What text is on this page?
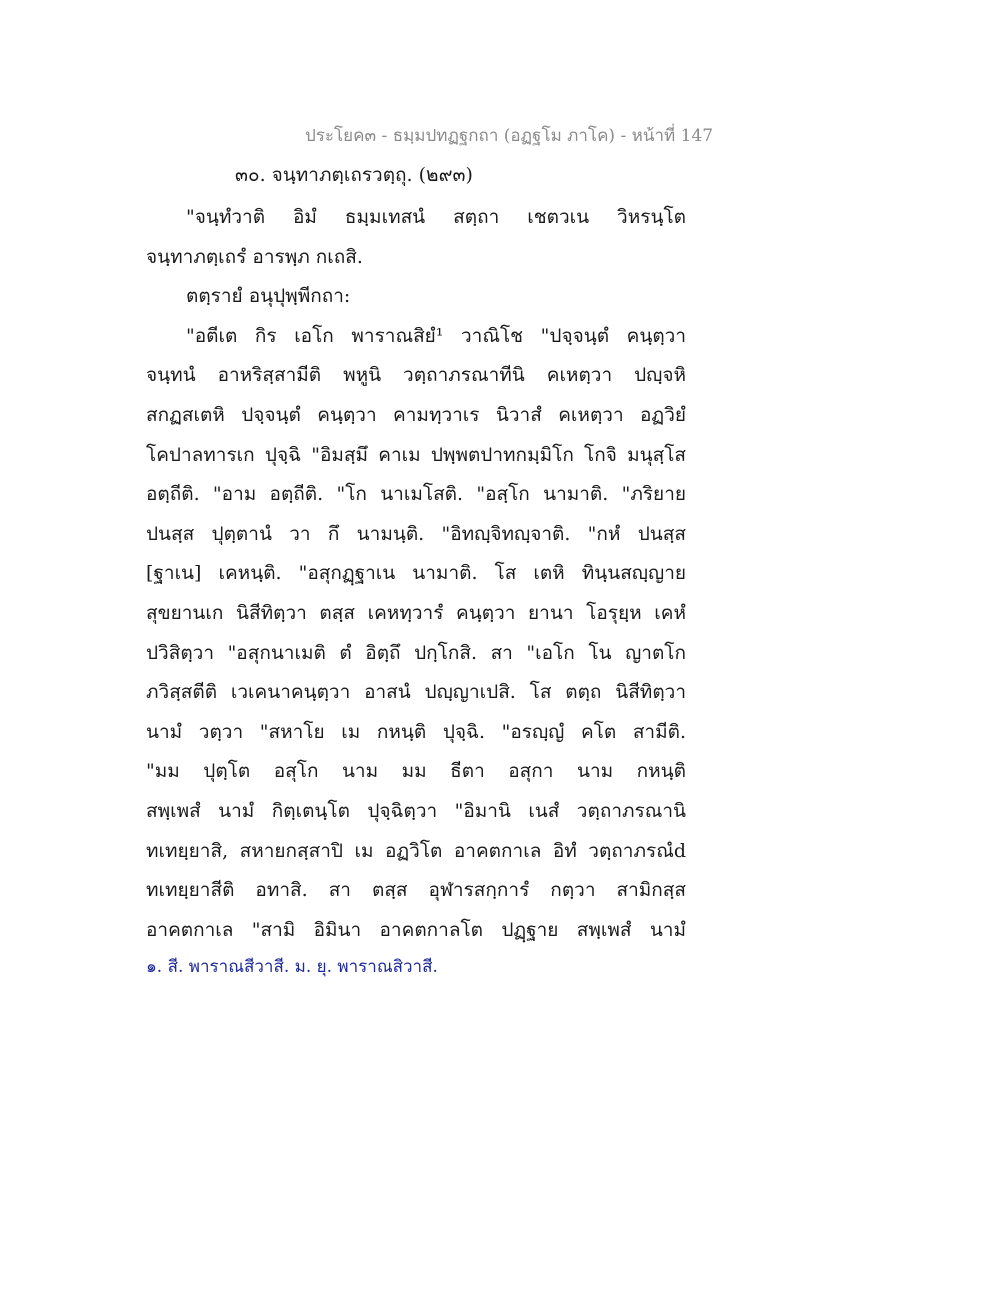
ประโยค๓ - ธมฺมปทฏฐกถา (อฏฐโม ภาโค) - หน้าที่ 147
๓๐. จนฺทาภตฺเถรวตฺถุ. (๒๙๓)
"จนฺทํวาติ อิมํ ธมฺมเทสนํ สตฺถา เชตวเน วิหรนฺโต
จนฺทาภตฺเถรํ อารพฺภ กเถสิ.
ตตฺรายํ อนุปุพฺพีกถา:
"อตีเต กิร เอโก พาราณสิยํ¹ วาณิโช "ปจฺจนฺตํ คนฺตฺวา
จนฺทนํ อาหริสฺสามีติ พหูนิ วตฺถาภรณาทีนิ คเหตฺวา ปญฺจหิ
สกฏสเตหิ ปจฺจนฺตํ คนฺตฺวา คามทฺวาเร นิวาสํ คเหตฺวา อฏวิยํ
โคปาลทารเก ปุจฺฉิ "อิมสฺมึ คาเม ปพฺพตปาทกมฺมิโก โกจิ มนุสฺโส
อตฺถีติ. "อาม อตฺถีติ. "โก นาเมโสติ. "อสฺโก นามาติ. "ภริยาย
ปนสฺส ปุตฺตานํ วา กึ นามนฺติ. "อิทญฺจิทญฺจาติ. "กหํ ปนสฺส
[ฐาเน] เคหนฺติ. "อสุกฏฺฐาเน นามาติ. โส เตหิ ทินฺนสญฺญาย
สุขยานเก นิสีทิตฺวา ตสฺส เคหทฺวารํ คนฺตฺวา ยานา โอรุยฺห เคหํ
ปวิสิตฺวา "อสุกนาเมติ ตํ อิตฺถึ ปกฺโกสิ. สา "เอโก โน ญาตโก
ภวิสฺสตีติ เวเคนาคนฺตฺวา อาสนํ ปญฺญาเปสิ. โส ตตฺถ นิสีทิตฺวา
นามํ วตฺวา "สหาโย เม กหนฺติ ปุจฺฉิ. "อรญฺญํ คโต สามีติ.
"มม ปุตฺโต อสุโก นาม มม ธีตา อสุกา นาม กหนฺติ
สพฺเพสํ นามํ กิตฺเตนฺโต ปุจฺฉิตฺวา "อิมานิ เนสํ วตฺถาภรณานิ
ทเทยฺยาสิ, สหายกสฺสาปิ เม อฏวิโต อาคตกาเล อิทํ วตฺถาภรณํd
ทเทยฺยาสีติ อทาสิ. สา ตสฺส อุฬารสกฺการํ กตฺวา สามิกสฺส
อาคตกาเล "สามิ อิมินา อาคตกาลโต ปฏฺฐาย สพฺเพสํ นามํ
๑. สี. พาราณสีวาสี. ม. ยุ. พาราณสิวาสี.
